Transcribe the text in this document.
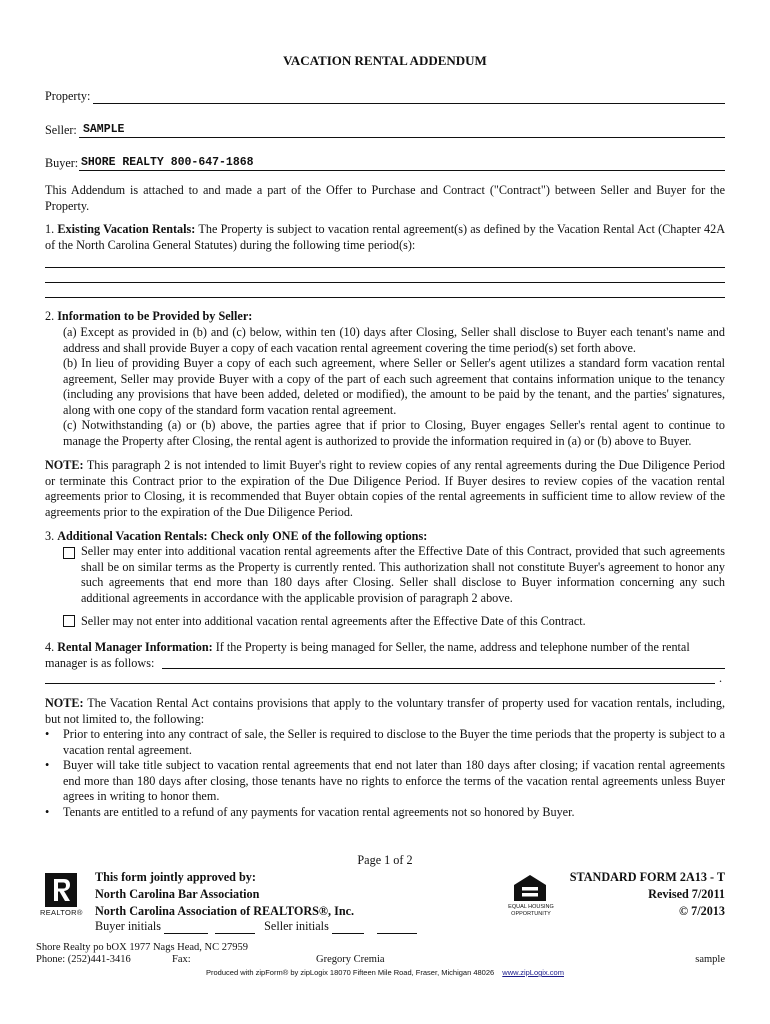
VACATION RENTAL ADDENDUM
Property:
Seller: SAMPLE
Buyer: SHORE REALTY 800-647-1868
This Addendum is attached to and made a part of the Offer to Purchase and Contract ("Contract") between Seller and Buyer for the Property.
1. Existing Vacation Rentals: The Property is subject to vacation rental agreement(s) as defined by the Vacation Rental Act (Chapter 42A of the North Carolina General Statutes) during the following time period(s):
2. Information to be Provided by Seller:
(a) Except as provided in (b) and (c) below, within ten (10) days after Closing, Seller shall disclose to Buyer each tenant's name and address and shall provide Buyer a copy of each vacation rental agreement covering the time period(s) set forth above.
(b) In lieu of providing Buyer a copy of each such agreement, where Seller or Seller's agent utilizes a standard form vacation rental agreement, Seller may provide Buyer with a copy of the part of each such agreement that contains information unique to the tenancy (including any provisions that have been added, deleted or modified), the amount to be paid by the tenant, and the parties' signatures, along with one copy of the standard form vacation rental agreement.
(c) Notwithstanding (a) or (b) above, the parties agree that if prior to Closing, Buyer engages Seller's rental agent to continue to manage the Property after Closing, the rental agent is authorized to provide the information required in (a) or (b) above to Buyer.
NOTE: This paragraph 2 is not intended to limit Buyer's right to review copies of any rental agreements during the Due Diligence Period or terminate this Contract prior to the expiration of the Due Diligence Period. If Buyer desires to review copies of the vacation rental agreements prior to Closing, it is recommended that Buyer obtain copies of the rental agreements in sufficient time to allow review of the agreements prior to the expiration of the Due Diligence Period.
3. Additional Vacation Rentals: Check only ONE of the following options:
Seller may enter into additional vacation rental agreements after the Effective Date of this Contract, provided that such agreements shall be on similar terms as the Property is currently rented. This authorization shall not constitute Buyer's agreement to honor any such agreements that end more than 180 days after Closing. Seller shall disclose to Buyer information concerning any such additional agreements in accordance with the applicable provision of paragraph 2 above.
Seller may not enter into additional vacation rental agreements after the Effective Date of this Contract.
4. Rental Manager Information: If the Property is being managed for Seller, the name, address and telephone number of the rental
manager is as follows:
.
NOTE: The Vacation Rental Act contains provisions that apply to the voluntary transfer of property used for vacation rentals, including, but not limited to, the following:
• Prior to entering into any contract of sale, the Seller is required to disclose to the Buyer the time periods that the property is subject to a vacation rental agreement.
• Buyer will take title subject to vacation rental agreements that end not later than 180 days after closing; if vacation rental agreements end more than 180 days after closing, those tenants have no rights to enforce the terms of the vacation rental agreements unless Buyer agrees in writing to honor them.
• Tenants are entitled to a refund of any payments for vacation rental agreements not so honored by Buyer.
Page 1 of 2
REALTOR®
This form jointly approved by:
North Carolina Bar Association
North Carolina Association of REALTORS®, Inc.	EQUAL HOUSING OPPORTUNITY
STANDARD FORM 2A13 - T
Revised 7/2011
© 7/2013
Buyer initials	Seller initials
Shore Realty po bOX 1977 Nags Head, NC 27959
Phone: (252)441-3416	Fax:	Gregory Cremia	sample
Produced with zipForm® by zipLogix 18070 Fifteen Mile Road, Fraser, Michigan 48026 www.zipLogix.com
